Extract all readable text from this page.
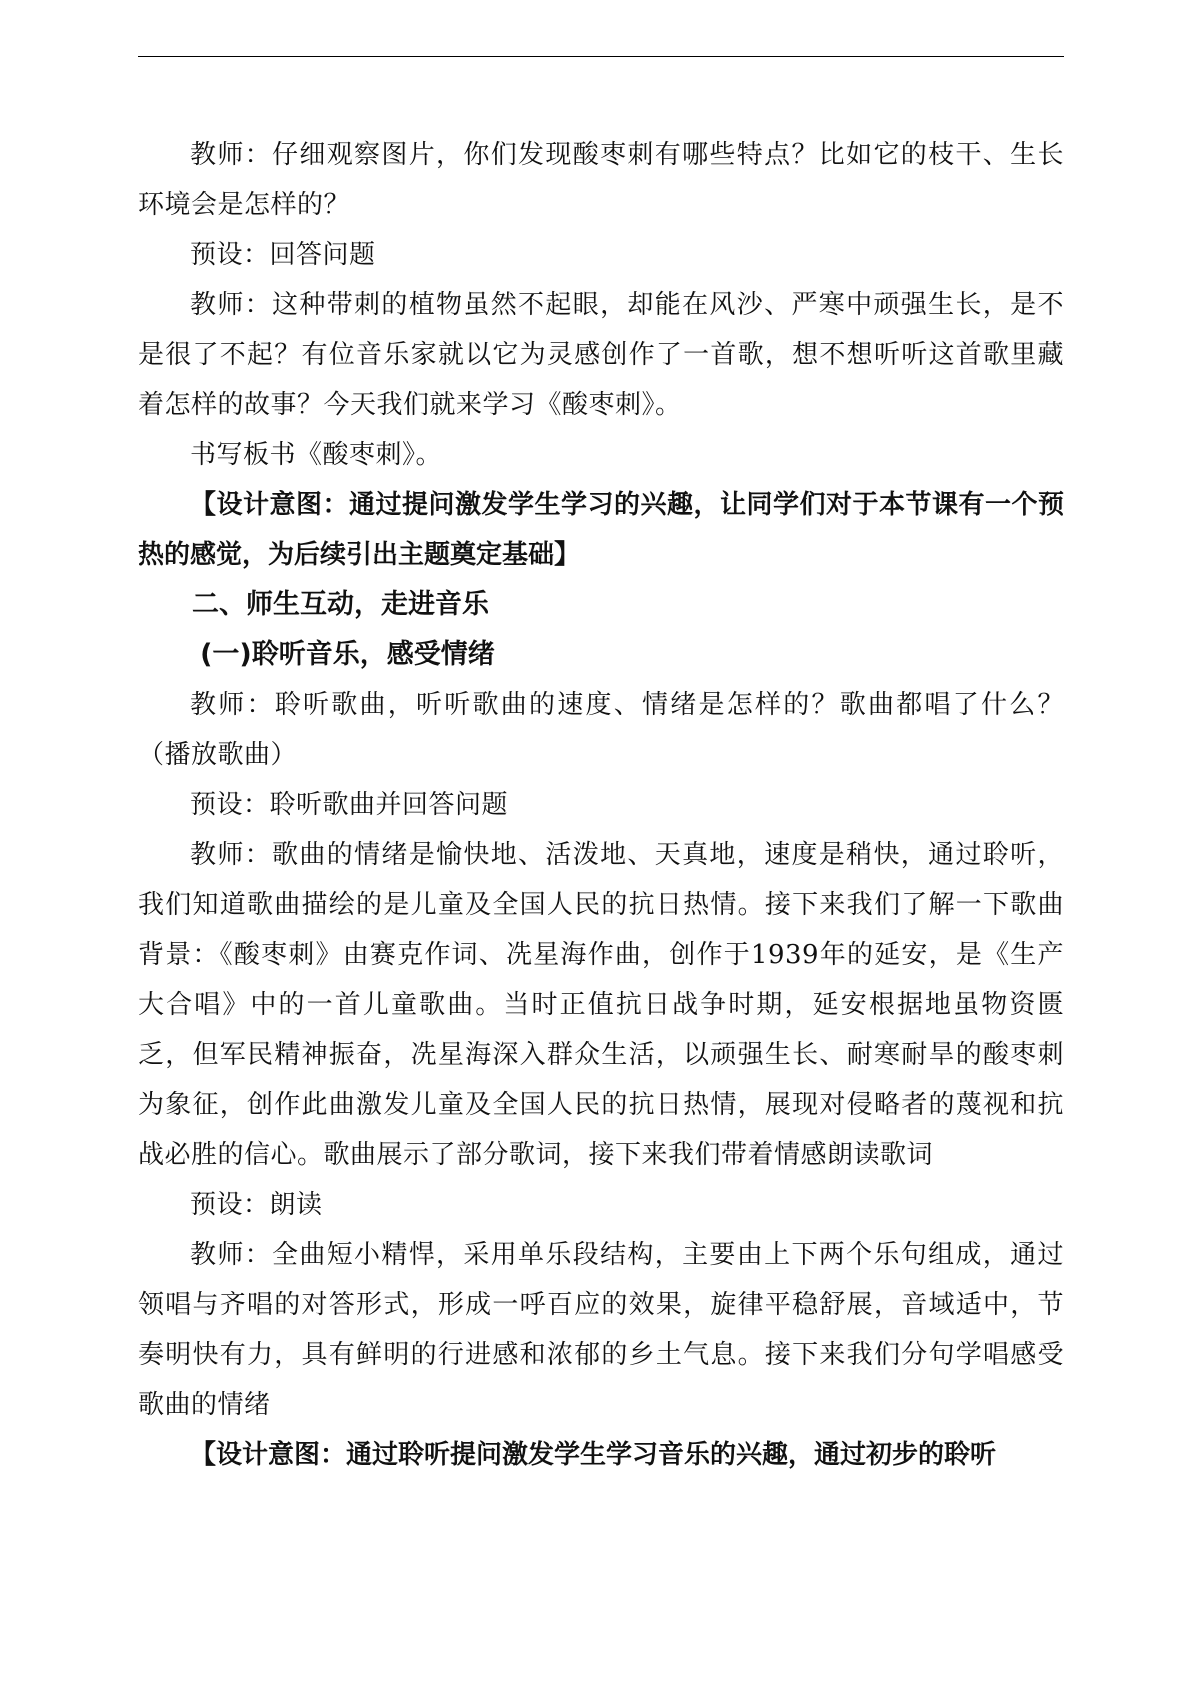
教师：仔细观察图片，你们发现酸枣刺有哪些特点？比如它的枝干、生长环境会是怎样的？

预设：回答问题

教师：这种带刺的植物虽然不起眼，却能在风沙、严寒中顽强生长，是不是很了不起？有位音乐家就以它为灵感创作了一首歌，想不想听听这首歌里藏着怎样的故事？今天我们就来学习《酸枣刺》。

书写板书《酸枣刺》。

【设计意图：通过提问激发学生学习的兴趣，让同学们对于本节课有一个预热的感觉，为后续引出主题奠定基础】

二、师生互动，走进音乐

(一)聆听音乐，感受情绪

教师：聆听歌曲，听听歌曲的速度、情绪是怎样的？歌曲都唱了什么？（播放歌曲）

预设：聆听歌曲并回答问题

教师：歌曲的情绪是愉快地、活泼地、天真地，速度是稍快，通过聆听，我们知道歌曲描绘的是儿童及全国人民的抗日热情。接下来我们了解一下歌曲背景：《酸枣刺》由赛克作词、冼星海作曲，创作于1939年的延安，是《生产大合唱》中的一首儿童歌曲。当时正值抗日战争时期，延安根据地虽物资匮乏，但军民精神振奋，冼星海深入群众生活，以顽强生长、耐寒耐旱的酸枣刺为象征，创作此曲激发儿童及全国人民的抗日热情，展现对侵略者的蔑视和抗战必胜的信心。歌曲展示了部分歌词，接下来我们带着情感朗读歌词

预设：朗读

教师：全曲短小精悍，采用单乐段结构，主要由上下两个乐句组成，通过领唱与齐唱的对答形式，形成一呼百应的效果，旋律平稳舒展，音域适中，节奏明快有力，具有鲜明的行进感和浓郁的乡土气息。接下来我们分句学唱感受歌曲的情绪

【设计意图：通过聆听提问激发学生学习音乐的兴趣，通过初步的聆听
